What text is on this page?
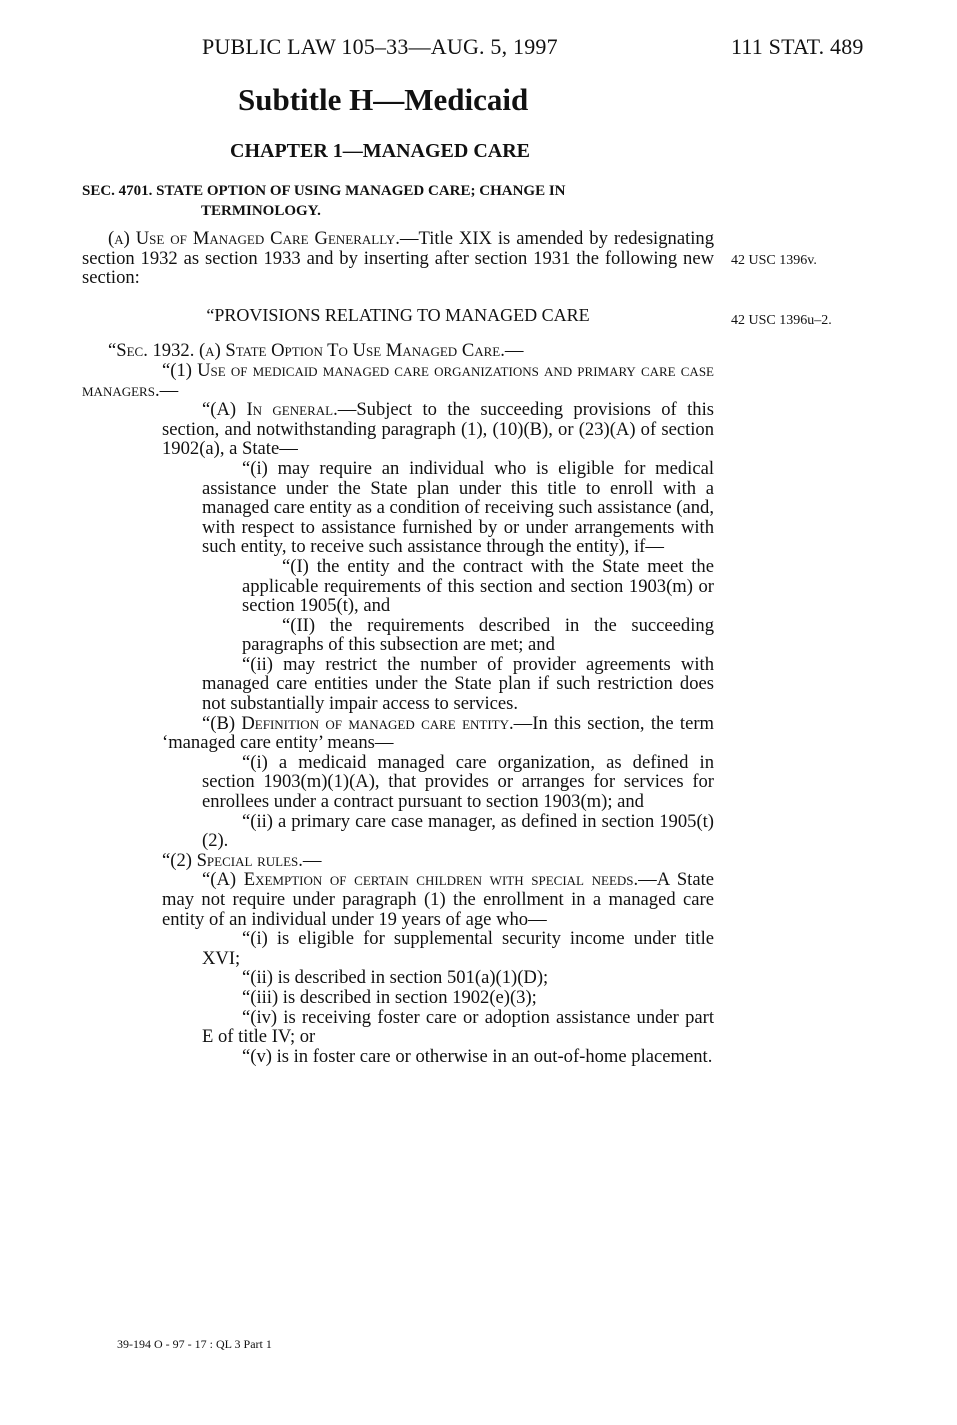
PUBLIC LAW 105–33—AUG. 5, 1997	111 STAT. 489
Subtitle H—Medicaid
CHAPTER 1—MANAGED CARE
SEC. 4701. STATE OPTION OF USING MANAGED CARE; CHANGE IN
TERMINOLOGY.
42 USC 1396v.
42 USC 1396u–2.

(a) Use of Managed Care Generally.—Title XIX is amended by redesignating section 1932 as section 1933 and by inserting after section 1931 the following new section:

“PROVISIONS RELATING TO MANAGED CARE

“Sec. 1932. (a) State Option To Use Managed Care.—

“(1) Use of medicaid managed care organizations and primary care case managers.—

“(A) In general.—Subject to the succeeding provisions of this section, and notwithstanding paragraph (1), (10)(B), or (23)(A) of section 1902(a), a State—

“(i) may require an individual who is eligible for medical assistance under the State plan under this title to enroll with a managed care entity as a condition of receiving such assistance (and, with respect to assistance furnished by or under arrangements with such entity, to receive such assistance through the entity), if—

“(I) the entity and the contract with the State meet the applicable requirements of this section and section 1903(m) or section 1905(t), and

“(II) the requirements described in the succeeding paragraphs of this subsection are met; and

“(ii) may restrict the number of provider agreements with managed care entities under the State plan if such restriction does not substantially impair access to services.

“(B) Definition of managed care entity.—In this section, the term ‘managed care entity’ means—

“(i) a medicaid managed care organization, as defined in section 1903(m)(1)(A), that provides or arranges for services for enrollees under a contract pursuant to section 1903(m); and

“(ii) a primary care case manager, as defined in section 1905(t)(2).

“(2) Special rules.—

“(A) Exemption of certain children with special needs.—A State may not require under paragraph (1) the enrollment in a managed care entity of an individual under 19 years of age who—

“(i) is eligible for supplemental security income under title XVI;

“(ii) is described in section 501(a)(1)(D);

“(iii) is described in section 1902(e)(3);

“(iv) is receiving foster care or adoption assistance under part E of title IV; or

“(v) is in foster care or otherwise in an out-of-home placement.

39-194 O - 97 - 17 : QL 3 Part 1
